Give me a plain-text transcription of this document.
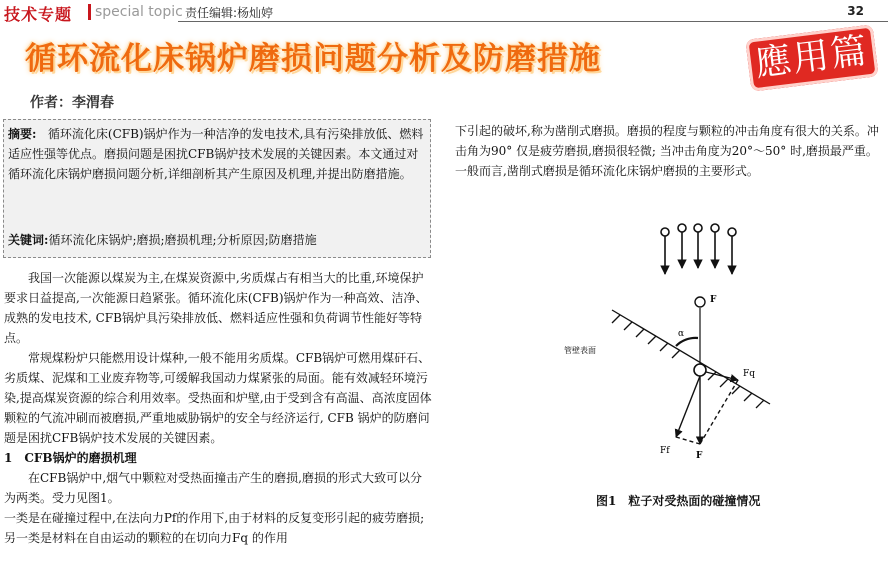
技术专题 special topic 责任编辑:杨灿婷	32
循环流化床锅炉磨损问题分析及防磨措施	應用篇
作者：李渭春
摘要: 循环流化床(CFB)锅炉作为一种洁净的发电技术,具有污染排放低、燃料适应性强等优点。磨损问题是困扰CFB锅炉技术发展的关键因素。本文通过对循环流化床锅炉磨损问题分析,详细剖析其产生原因及机理,并提出防磨措施。
关键词:循环流化床锅炉;磨损;磨损机理;分析原因;防磨措施

我国一次能源以煤炭为主,在煤炭资源中,劣质煤占有相当大的比重,环境保护要求日益提高,一次能源日趋紧张。循环流化床(CFB)锅炉作为一种高效、洁净、成熟的发电技术, CFB锅炉具污染排放低、燃料适应性强和负荷调节性能好等特点。

常规煤粉炉只能燃用设计煤种,一般不能用劣质煤。CFB锅炉可燃用煤矸石、劣质煤、泥煤和工业废弃物等,可缓解我国动力煤紧张的局面。能有效减轻环境污染,提高煤炭资源的综合利用效率。受热面和炉壁,由于受到含有高温、高浓度固体颗粒的气流冲刷而被磨损,严重地威胁锅炉的安全与经济运行, CFB 锅炉的防磨问题是困扰CFB锅炉技术发展的关键因素。

1　CFB锅炉的磨损机理

在CFB锅炉中,烟气中颗粒对受热面撞击产生的磨损,磨损的形式大致可以分为两类。受力见图1。

一类是在碰撞过程中,在法向力Pf的作用下,由于材料的反复变形引起的疲劳磨损;另一类是材料在自由运动的颗粒的在切向力Fq 的作用

下引起的破坏,称为凿削式磨损。磨损的程度与颗粒的冲击角度有很大的关系。冲击角为90° 仅是疲劳磨损,磨损很轻微; 当冲击角度为20°～50° 时,磨损最严重。一般而言,凿削式磨损是循环流化床锅炉磨损的主要形式。

F
α
管壁表面
Fq
Ff	F
图1　粒子对受热面的碰撞情况
